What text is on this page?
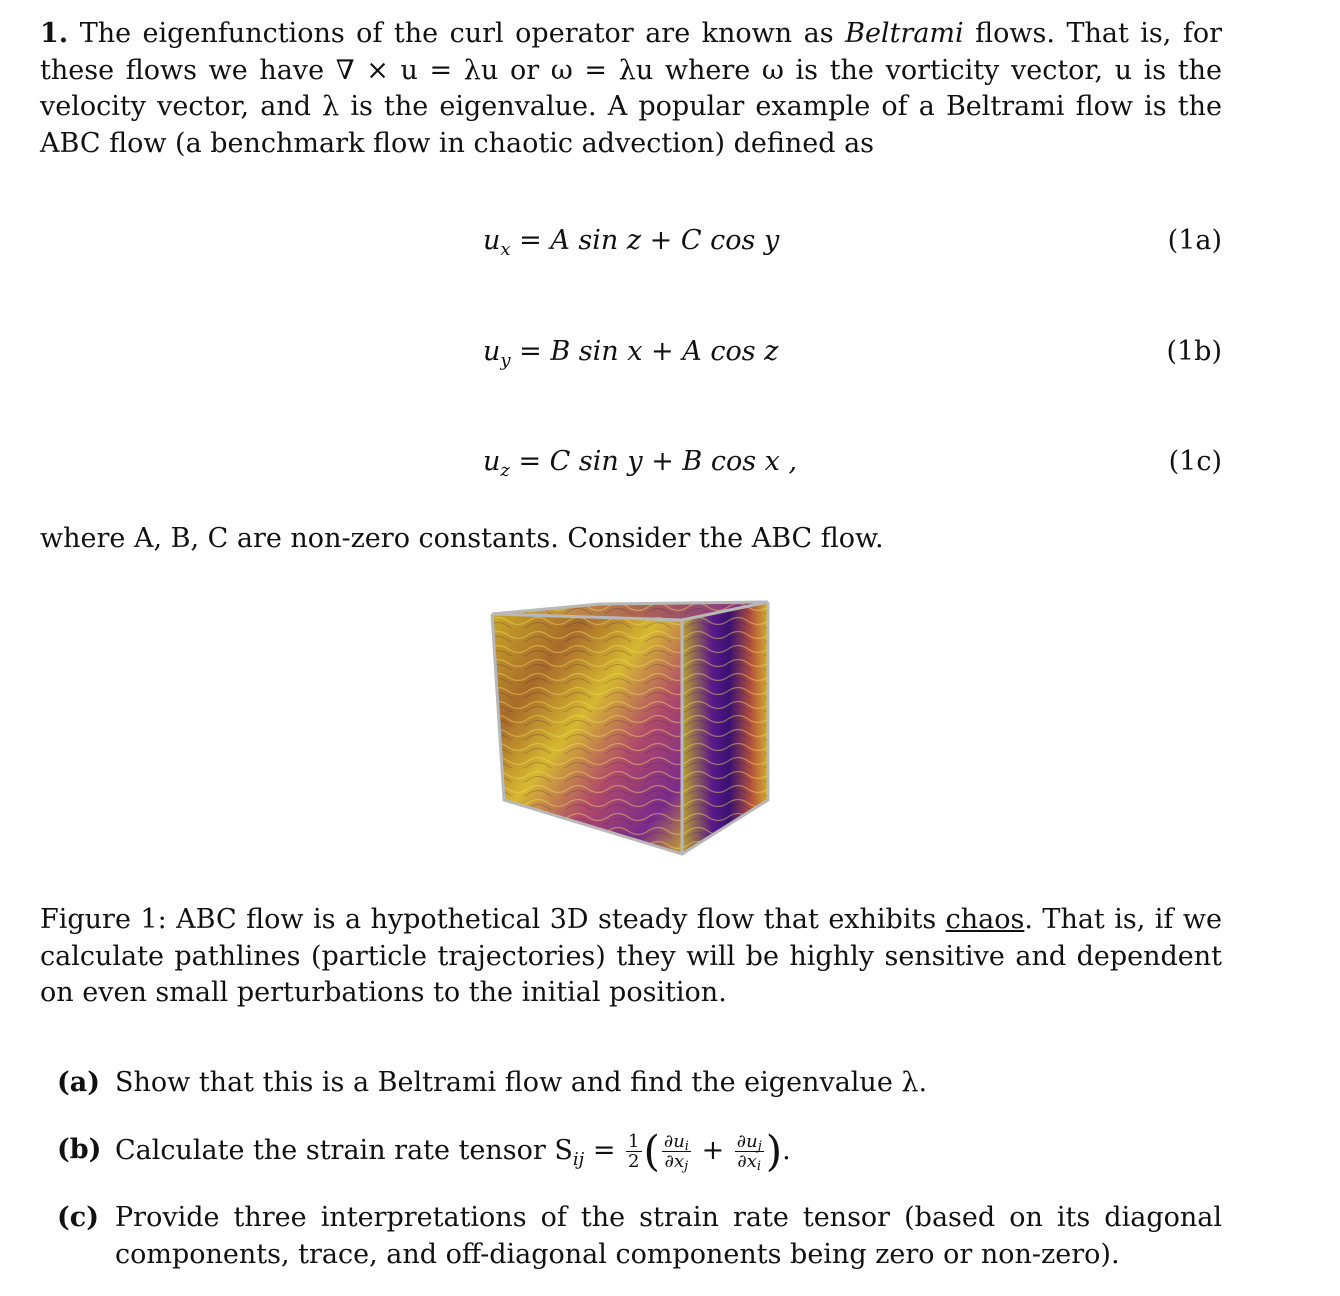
1. The eigenfunctions of the curl operator are known as Beltrami flows. That is, for these flows we have ∇ × u = λu or ω = λu where ω is the vorticity vector, u is the velocity vector, and λ is the eigenvalue. A popular example of a Beltrami flow is the ABC flow (a benchmark flow in chaotic advection) defined as
$u_x = A$ sin z + C cos y	(1a)
$u_y = B$ sin x + A cos z	(1b)
$u_z = C$ sin y + B cos x ,	(1c)
where A, B, C are non-zero constants. Consider the ABC flow.
Figure 1: ABC flow is a hypothetical 3D steady flow that exhibits chaos. That is, if we calculate pathlines (particle trajectories) they will be highly sensitive and dependent on even small perturbations to the initial position.
(a) Show that this is a Beltrami flow and find the eigenvalue λ.
(b) Calculate the strain rate tensor $S_{ij} = \frac{1}{2}$ ( $\frac{\partial u_i}{\partial x_j} + \frac{\partial u_j}{\partial x_i}$ ).
(c) Provide three interpretations of the strain rate tensor (based on its diagonal components, trace, and off-diagonal components being zero or non-zero).
